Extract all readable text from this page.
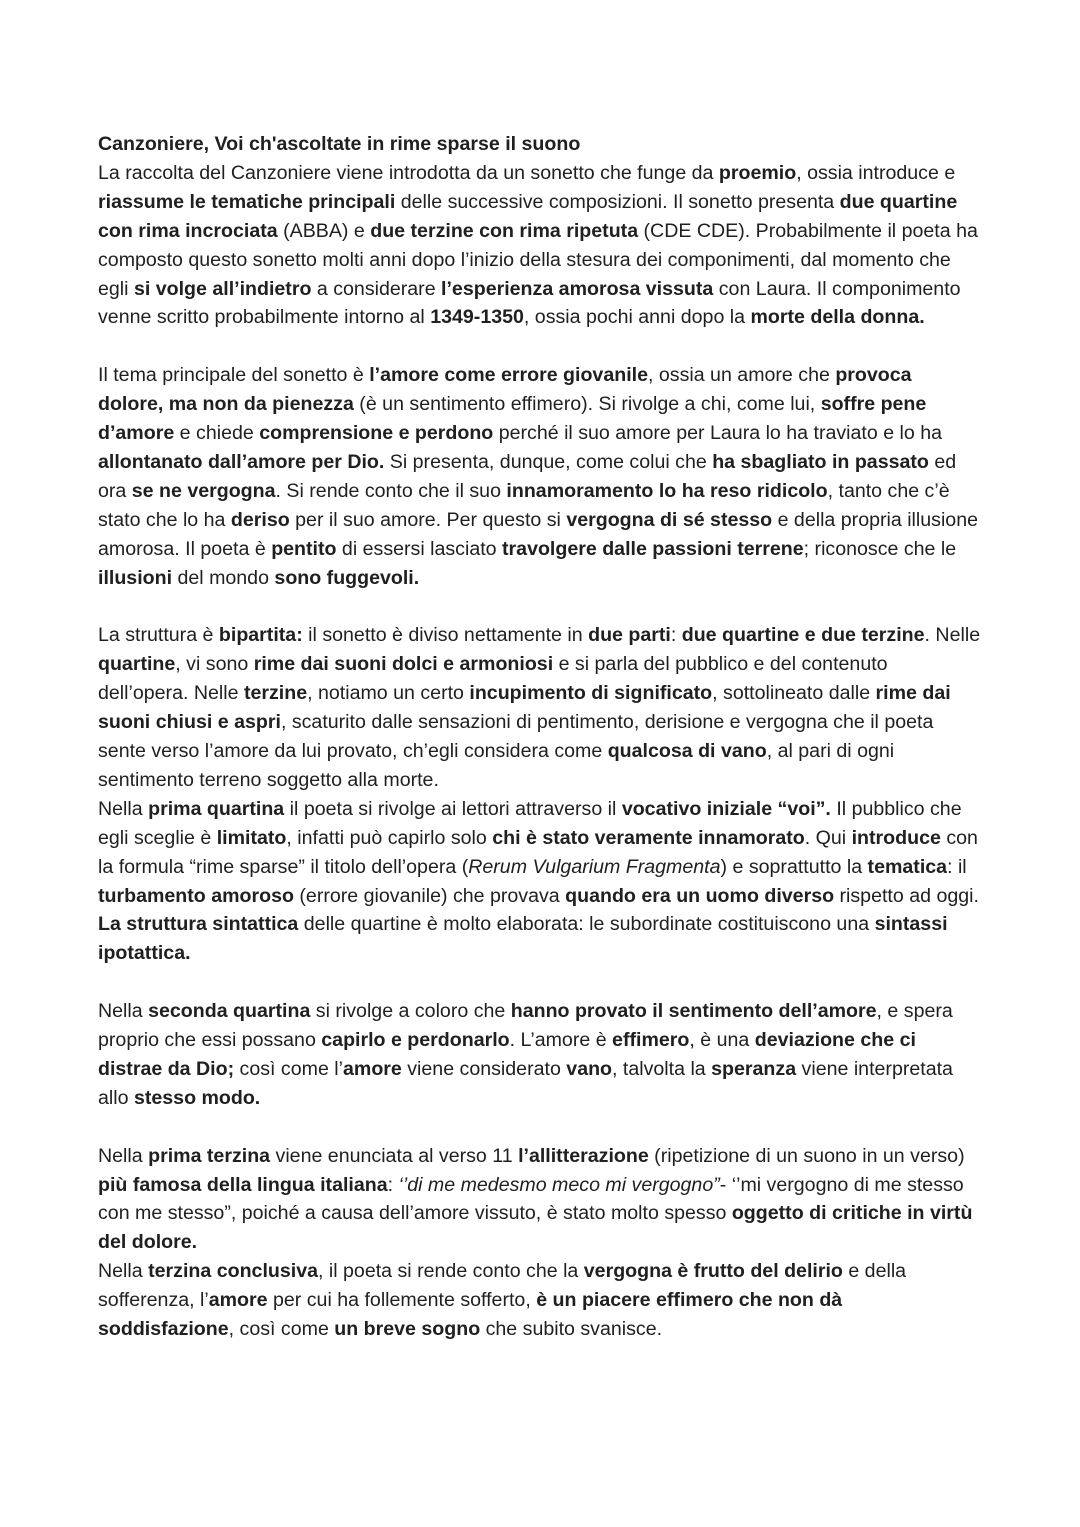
Canzoniere, Voi ch'ascoltate in rime sparse il suono

La raccolta del Canzoniere viene introdotta da un sonetto che funge da proemio, ossia introduce e riassume le tematiche principali delle successive composizioni. Il sonetto presenta due quartine con rima incrociata (ABBA) e due terzine con rima ripetuta (CDE CDE). Probabilmente il poeta ha composto questo sonetto molti anni dopo l’inizio della stesura dei componimenti, dal momento che egli si volge all’indietro a considerare l’esperienza amorosa vissuta con Laura. Il componimento venne scritto probabilmente intorno al 1349-1350, ossia pochi anni dopo la morte della donna.

Il tema principale del sonetto è l’amore come errore giovanile, ossia un amore che provoca dolore, ma non da pienezza (è un sentimento effimero). Si rivolge a chi, come lui, soffre pene d’amore e chiede comprensione e perdono perché il suo amore per Laura lo ha traviato e lo ha allontanato dall’amore per Dio. Si presenta, dunque, come colui che ha sbagliato in passato ed ora se ne vergogna. Si rende conto che il suo innamoramento lo ha reso ridicolo, tanto che c’è stato che lo ha deriso per il suo amore. Per questo si vergogna di sé stesso e della propria illusione amorosa. Il poeta è pentito di essersi lasciato travolgere dalle passioni terrene; riconosce che le illusioni del mondo sono fuggevoli.

La struttura è bipartita: il sonetto è diviso nettamente in due parti: due quartine e due terzine. Nelle quartine, vi sono rime dai suoni dolci e armoniosi e si parla del pubblico e del contenuto dell’opera. Nelle terzine, notiamo un certo incupimento di significato, sottolineato dalle rime dai suoni chiusi e aspri, scaturito dalle sensazioni di pentimento, derisione e vergogna che il poeta sente verso l’amore da lui provato, ch’egli considera come qualcosa di vano, al pari di ogni sentimento terreno soggetto alla morte.

Nella prima quartina il poeta si rivolge ai lettori attraverso il vocativo iniziale “voi”. Il pubblico che egli sceglie è limitato, infatti può capirlo solo chi è stato veramente innamorato. Qui introduce con la formula “rime sparse” il titolo dell’opera (Rerum Vulgarium Fragmenta) e soprattutto la tematica: il turbamento amoroso (errore giovanile) che provava quando era un uomo diverso rispetto ad oggi. La struttura sintattica delle quartine è molto elaborata: le subordinate costituiscono una sintassi ipotattica.

Nella seconda quartina si rivolge a coloro che hanno provato il sentimento dell’amore, e spera proprio che essi possano capirlo e perdonarlo. L’amore è effimero, è una deviazione che ci distrae da Dio; così come l’amore viene considerato vano, talvolta la speranza viene interpretata allo stesso modo.

Nella prima terzina viene enunciata al verso 11 l’allitterazione (ripetizione di un suono in un verso) più famosa della lingua italiana: ‘’di me medesmo meco mi vergogno”- ‘’mi vergogno di me stesso con me stesso”, poiché a causa dell’amore vissuto, è stato molto spesso oggetto di critiche in virtù del dolore.

Nella terzina conclusiva, il poeta si rende conto che la vergogna è frutto del delirio e della sofferenza, l’amore per cui ha follemente sofferto, è un piacere effimero che non dà soddisfazione, così come un breve sogno che subito svanisce.
